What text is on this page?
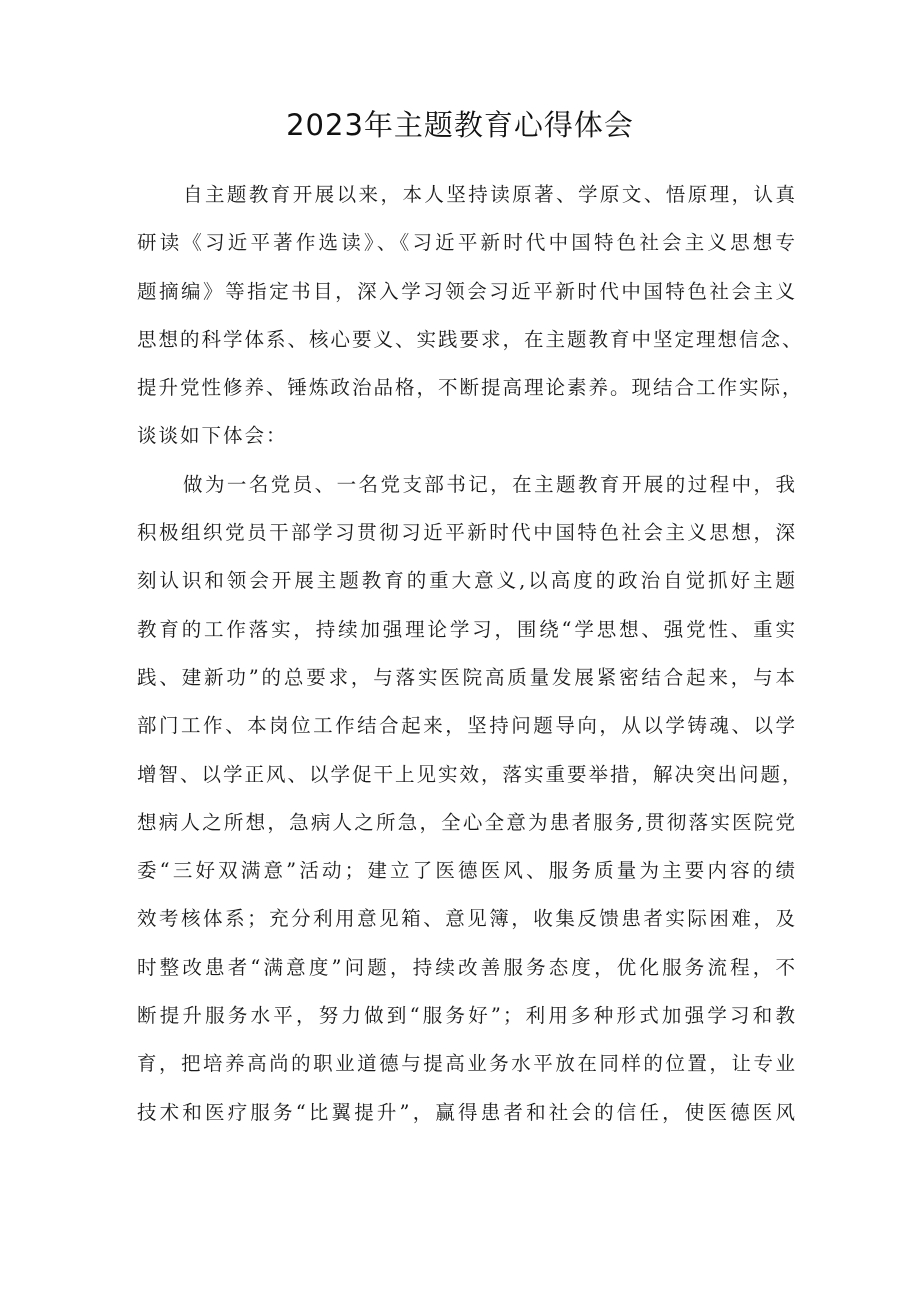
2023年主题教育心得体会

自主题教育开展以来，本人坚持读原著、学原文、悟原理，认真
研读《习近平著作选读》、《习近平新时代中国特色社会主义思想专
题摘编》等指定书目，深入学习领会习近平新时代中国特色社会主义
思想的科学体系、核心要义、实践要求，在主题教育中坚定理想信念、
提升党性修养、锤炼政治品格，不断提高理论素养。现结合工作实际，
谈谈如下体会：

做为一名党员、一名党支部书记，在主题教育开展的过程中，我
积极组织党员干部学习贯彻习近平新时代中国特色社会主义思想，深
刻认识和领会开展主题教育的重大意义,以高度的政治自觉抓好主题
教育的工作落实，持续加强理论学习，围绕“学思想、强党性、重实
践、建新功”的总要求，与落实医院高质量发展紧密结合起来，与本
部门工作、本岗位工作结合起来，坚持问题导向，从以学铸魂、以学
增智、以学正风、以学促干上见实效，落实重要举措，解决突出问题，
想病人之所想，急病人之所急，全心全意为患者服务,贯彻落实医院党
委“三好双满意”活动；建立了医德医风、服务质量为主要内容的绩
效考核体系；充分利用意见箱、意见簿，收集反馈患者实际困难，及
时整改患者“满意度”问题，持续改善服务态度，优化服务流程，不
断提升服务水平，努力做到“服务好”；利用多种形式加强学习和教
育，把培养高尚的职业道德与提高业务水平放在同样的位置，让专业
技术和医疗服务“比翼提升”，赢得患者和社会的信任，使医德医风
